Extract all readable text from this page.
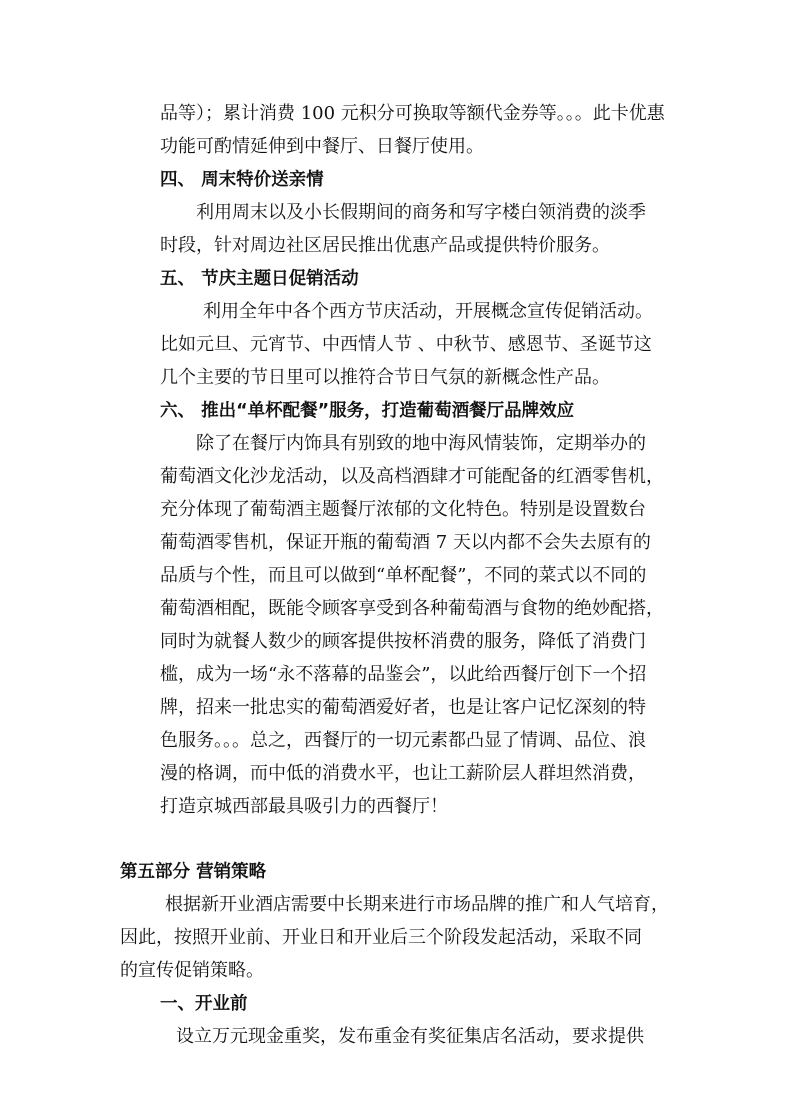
品等）；累计消费 100 元积分可换取等额代金券等。。。此卡优惠
功能可酌情延伸到中餐厅、日餐厅使用。
四、 周末特价送亲情
利用周末以及小长假期间的商务和写字楼白领消费的淡季
时段，针对周边社区居民推出优惠产品或提供特价服务。
五、 节庆主题日促销活动
利用全年中各个西方节庆活动，开展概念宣传促销活动。
比如元旦、元宵节、中西情人节 、中秋节、感恩节、圣诞节这
几个主要的节日里可以推符合节日气氛的新概念性产品。
六、 推出“单杯配餐”服务，打造葡萄酒餐厅品牌效应
除了在餐厅内饰具有别致的地中海风情装饰，定期举办的
葡萄酒文化沙龙活动，以及高档酒肆才可能配备的红酒零售机，
充分体现了葡萄酒主题餐厅浓郁的文化特色。特别是设置数台
葡萄酒零售机，保证开瓶的葡萄酒 7 天以内都不会失去原有的
品质与个性，而且可以做到“单杯配餐”，不同的菜式以不同的
葡萄酒相配，既能令顾客享受到各种葡萄酒与食物的绝妙配搭，
同时为就餐人数少的顾客提供按杯消费的服务，降低了消费门
槛，成为一场“永不落幕的品鉴会”，以此给西餐厅创下一个招
牌，招来一批忠实的葡萄酒爱好者，也是让客户记忆深刻的特
色服务。。。总之，西餐厅的一切元素都凸显了情调、品位、浪
漫的格调，而中低的消费水平，也让工薪阶层人群坦然消费，
打造京城西部最具吸引力的西餐厅！
第五部分 营销策略
根据新开业酒店需要中长期来进行市场品牌的推广和人气培育，
因此，按照开业前、开业日和开业后三个阶段发起活动，采取不同
的宣传促销策略。
一、开业前
设立万元现金重奖，发布重金有奖征集店名活动，要求提供
